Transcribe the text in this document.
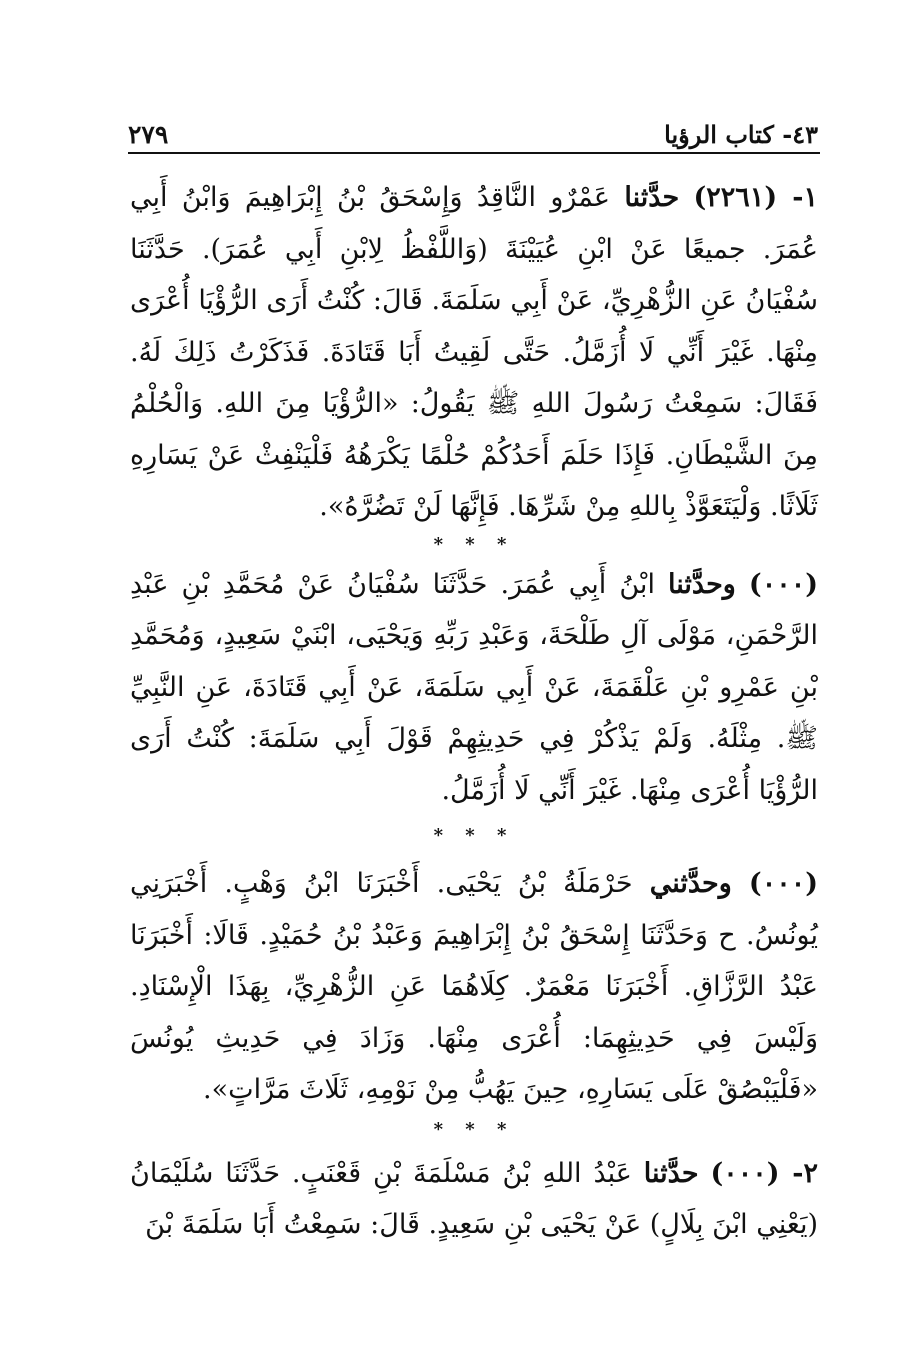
٤٣- كتاب الرؤيا
٢٧٩

١- (٢٢٦١) حدَّثنا عَمْرٌو النَّاقِدُ وَإِسْحَقُ بْنُ إِبْرَاهِيمَ وَابْنُ أَبِي عُمَرَ. جميعًا عَنْ ابْنِ عُيَيْنَةَ (وَاللَّفْظُ لِابْنِ أَبِي عُمَرَ). حَدَّثَنَا سُفْيَانُ عَنِ الزُّهْرِيِّ، عَنْ أَبِي سَلَمَةَ. قَالَ: كُنْتُ أَرَى الرُّؤْيَا أُعْرَى مِنْهَا. غَيْرَ أَنِّي لَا أُزَمَّلُ. حَتَّى لَقِيتُ أَبَا قَتَادَةَ. فَذَكَرْتُ ذَلِكَ لَهُ. فَقَالَ: سَمِعْتُ رَسُولَ اللهِ ﷺ يَقُولُ: «الرُّؤْيَا مِنَ اللهِ. وَالْحُلْمُ مِنَ الشَّيْطَانِ. فَإِذَا حَلَمَ أَحَدُكُمْ حُلْمًا يَكْرَهُهُ فَلْيَنْفِثْ عَنْ يَسَارِهِ ثَلَاثًا. وَلْيَتَعَوَّذْ بِاللهِ مِنْ شَرِّهَا. فَإِنَّهَا لَنْ تَضُرَّهُ».

* * *

(٠٠٠) وحدَّثنا ابْنُ أَبِي عُمَرَ. حَدَّثَنَا سُفْيَانُ عَنْ مُحَمَّدِ بْنِ عَبْدِ الرَّحْمَنِ، مَوْلَى آلِ طَلْحَةَ، وَعَبْدِ رَبِّهِ وَيَحْيَى، ابْنَيْ سَعِيدٍ، وَمُحَمَّدِ بْنِ عَمْرِو بْنِ عَلْقَمَةَ، عَنْ أَبِي سَلَمَةَ، عَنْ أَبِي قَتَادَةَ، عَنِ النَّبِيِّ ﷺ. مِثْلَهُ. وَلَمْ يَذْكُرْ فِي حَدِيثِهِمْ قَوْلَ أَبِي سَلَمَةَ: كُنْتُ أَرَى الرُّؤْيَا أُعْرَى مِنْهَا. غَيْرَ أَنِّي لَا أُزَمَّلُ.

* * *

(٠٠٠) وحدَّثني حَرْمَلَةُ بْنُ يَحْيَى. أَخْبَرَنَا ابْنُ وَهْبٍ. أَخْبَرَنِي يُونُسُ. ح وَحَدَّثَنَا إِسْحَقُ بْنُ إِبْرَاهِيمَ وَعَبْدُ بْنُ حُمَيْدٍ. قَالَا: أَخْبَرَنَا عَبْدُ الرَّزَّاقِ. أَخْبَرَنَا مَعْمَرٌ. كِلَاهُمَا عَنِ الزُّهْرِيِّ، بِهَذَا الْإِسْنَادِ. وَلَيْسَ فِي حَدِيثِهِمَا: أُعْرَى مِنْهَا. وَزَادَ فِي حَدِيثِ يُونُسَ «فَلْيَبْصُقْ عَلَى يَسَارِهِ، حِينَ يَهُبُّ مِنْ نَوْمِهِ، ثَلَاثَ مَرَّاتٍ».

* * *

٢- (٠٠٠) حدَّثنا عَبْدُ اللهِ بْنُ مَسْلَمَةَ بْنِ قَعْنَبٍ. حَدَّثَنَا سُلَيْمَانُ (يَعْنِي ابْنَ بِلَالٍ) عَنْ يَحْيَى بْنِ سَعِيدٍ. قَالَ: سَمِعْتُ أَبَا سَلَمَةَ بْنَ
